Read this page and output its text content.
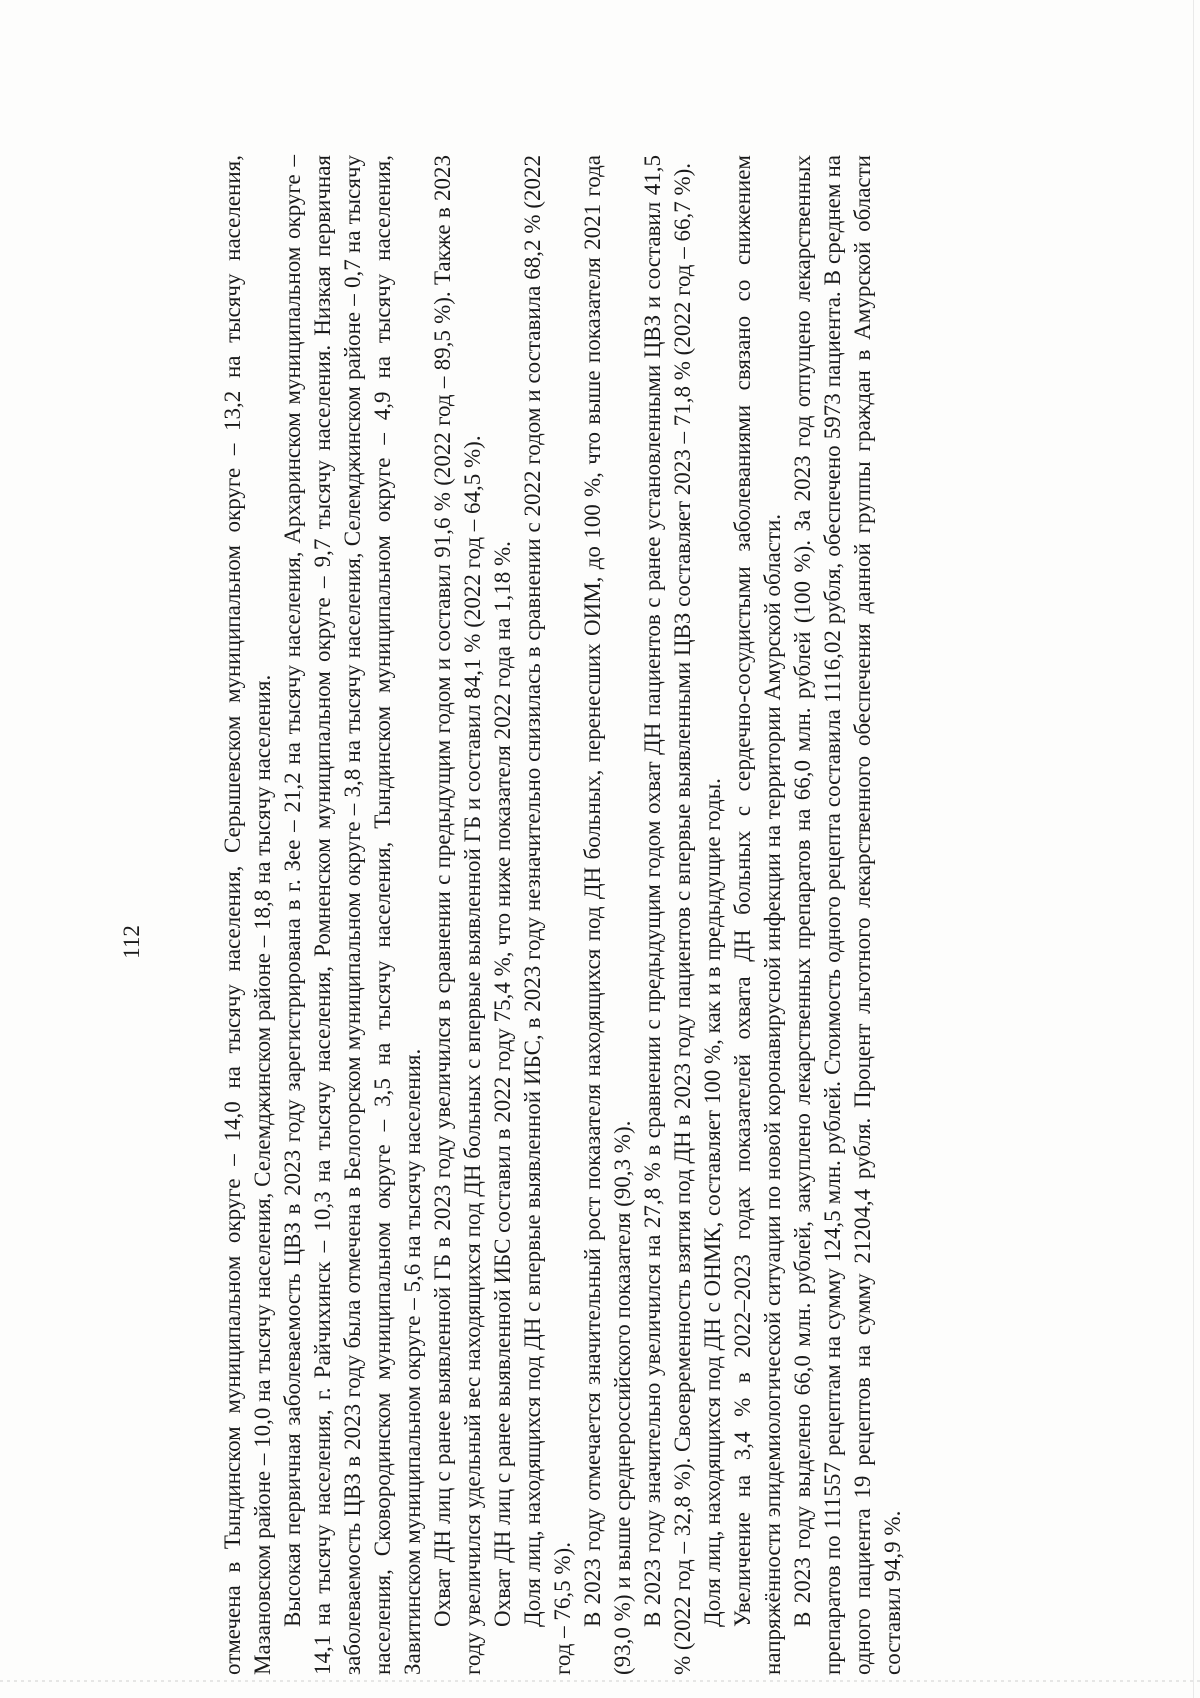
отмечена в Тындинском муниципальном округе – 14,0 на тысячу населения, Серышевском муниципальном округе – 13,2 на тысячу населения, Мазановском районе – 10,0 на тысячу населения, Селемджинском районе – 18,8 на тысячу населения. Высокая первичная заболеваемость ЦВЗ в 2023 году зарегистрирована в г. Зее – 21,2 на тысячу населения, Архаринском муниципальном округе – 14,1 на тысячу населения, г. Райчихинск – 10,3 на тысячу населения, Ромненском муниципальном округе – 9,7 тысячу населения. Низкая первичная заболеваемость ЦВЗ в 2023 году была отмечена в Белогорском муниципальном округе – 3,8 на тысячу населения, Селемджинском районе – 0,7 на тысячу населения, Сковородинском муниципальном округе – 3,5 на тысячу населения, Тындинском муниципальном округе – 4,9 на тысячу населения, Завитинском муниципальном округе – 5,6 на тысячу населения. Охват ДН лиц с ранее выявленной ГБ в 2023 году увеличился в сравнении с предыдущим годом и составил 91,6 % (2022 год – 89,5 %). Также в 2023 году увеличился удельный вес находящихся под ДН больных с впервые выявленной ГБ и составил 84,1 % (2022 год – 64,5 %). Охват ДН лиц с ранее выявленной ИБС составил в 2022 году 75,4 %, что ниже показателя 2022 года на 1,18 %. Доля лиц, находящихся под ДН с впервые выявленной ИБС, в 2023 году незначительно снизилась в сравнении с 2022 годом и составила 68,2 % (2022 год – 76,5 %). В 2023 году отмечается значительный рост показателя находящихся под ДН больных, перенесших ОИМ, до 100 %, что выше показателя 2021 года (93,0 %) и выше среднероссийского показателя (90,3 %). В 2023 году значительно увеличился на 27,8 % в сравнении с предыдущим годом охват ДН пациентов с ранее установленными ЦВЗ и составил 41,5 % (2022 год – 32,8 %). Своевременность взятия под ДН в 2023 году пациентов с впервые выявленными ЦВЗ составляет 2023 – 71,8 % (2022 год – 66,7 %). Доля лиц, находящихся под ДН с ОНМК, составляет 100 %, как и в предыдущие годы. Увеличение на 3,4 % в 2022–2023 годах показателей охвата ДН больных с сердечно-сосудистыми заболеваниями связано со снижением напряжённости эпидемиологической ситуации по новой коронавирусной инфекции на территории Амурской области. В 2023 году выделено 66,0 млн. рублей, закуплено лекарственных препаратов на 66,0 млн. рублей (100 %). За 2023 год отпущено лекарственных препаратов по 111557 рецептам на сумму 124,5 млн. рублей. Стоимость одного рецепта составила 1116,02 рубля, обеспечено 5973 пациента. В среднем на одного пациента 19 рецептов на сумму 21204,4 рубля. Процент льготного лекарственного обеспечения данной группы граждан в Амурской области составил 94,9 %.

112
